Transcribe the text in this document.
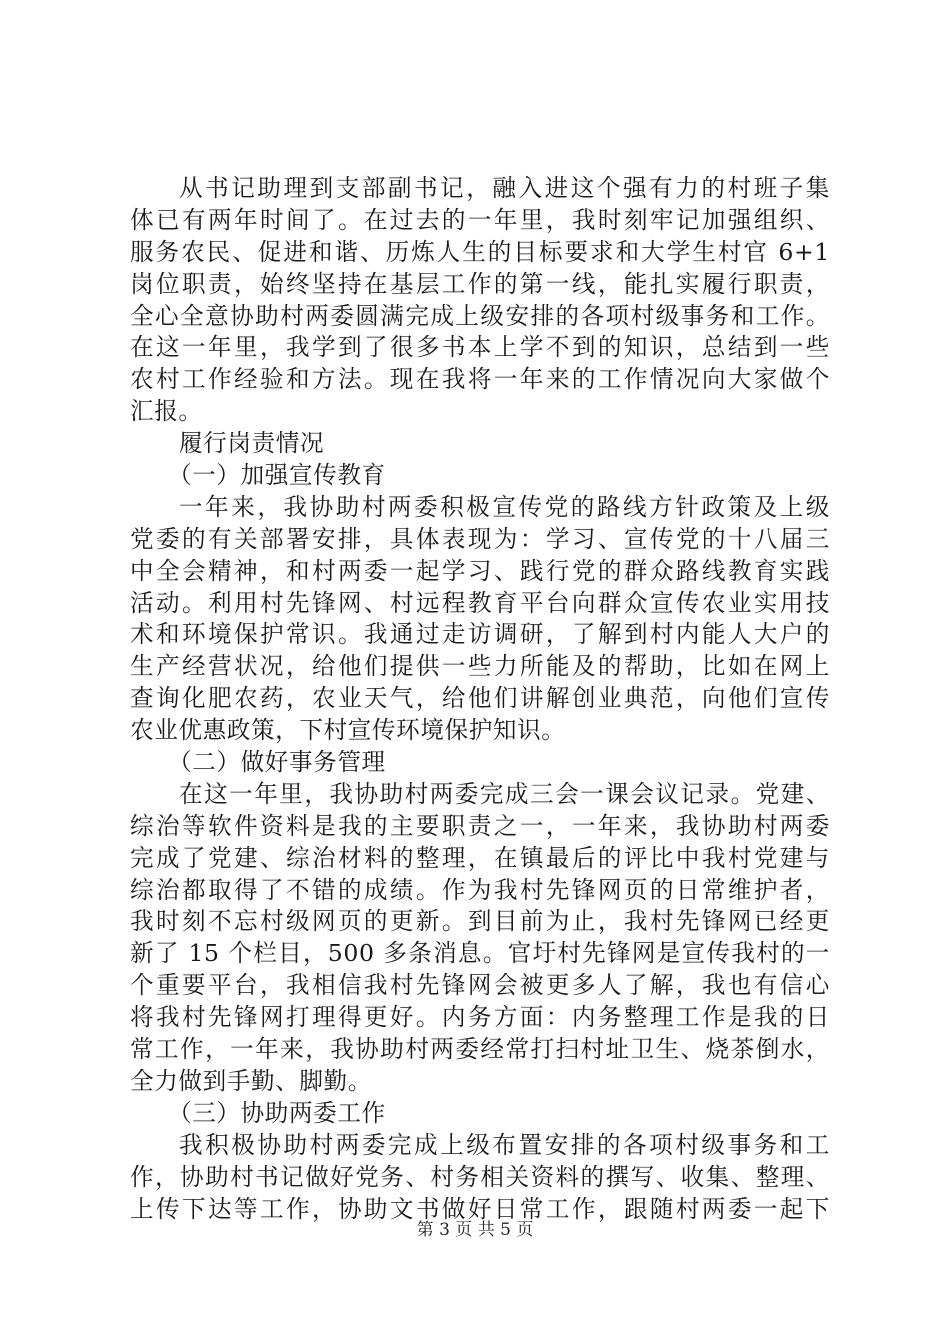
从书记助理到支部副书记，融入进这个强有力的村班子集
体已有两年时间了。在过去的一年里，我时刻牢记加强组织、
服务农民、促进和谐、历炼人生的目标要求和大学生村官 6+1
岗位职责，始终坚持在基层工作的第一线，能扎实履行职责，
全心全意协助村两委圆满完成上级安排的各项村级事务和工作。
在这一年里，我学到了很多书本上学不到的知识，总结到一些
农村工作经验和方法。现在我将一年来的工作情况向大家做个
汇报。
履行岗责情况
（一）加强宣传教育
一年来，我协助村两委积极宣传党的路线方针政策及上级
党委的有关部署安排，具体表现为：学习、宣传党的十八届三
中全会精神，和村两委一起学习、践行党的群众路线教育实践
活动。利用村先锋网、村远程教育平台向群众宣传农业实用技
术和环境保护常识。我通过走访调研，了解到村内能人大户的
生产经营状况，给他们提供一些力所能及的帮助，比如在网上
查询化肥农药，农业天气，给他们讲解创业典范，向他们宣传
农业优惠政策，下村宣传环境保护知识。
（二）做好事务管理
在这一年里，我协助村两委完成三会一课会议记录。党建、
综治等软件资料是我的主要职责之一，一年来，我协助村两委
完成了党建、综治材料的整理，在镇最后的评比中我村党建与
综治都取得了不错的成绩。作为我村先锋网页的日常维护者，
我时刻不忘村级网页的更新。到目前为止，我村先锋网已经更
新了 15 个栏目，500 多条消息。官圩村先锋网是宣传我村的一
个重要平台，我相信我村先锋网会被更多人了解，我也有信心
将我村先锋网打理得更好。内务方面：内务整理工作是我的日
常工作，一年来，我协助村两委经常打扫村址卫生、烧茶倒水，
全力做到手勤、脚勤。
（三）协助两委工作
我积极协助村两委完成上级布置安排的各项村级事务和工
作，协助村书记做好党务、村务相关资料的撰写、收集、整理、
上传下达等工作，协助文书做好日常工作，跟随村两委一起下
第 3 页 共 5 页
